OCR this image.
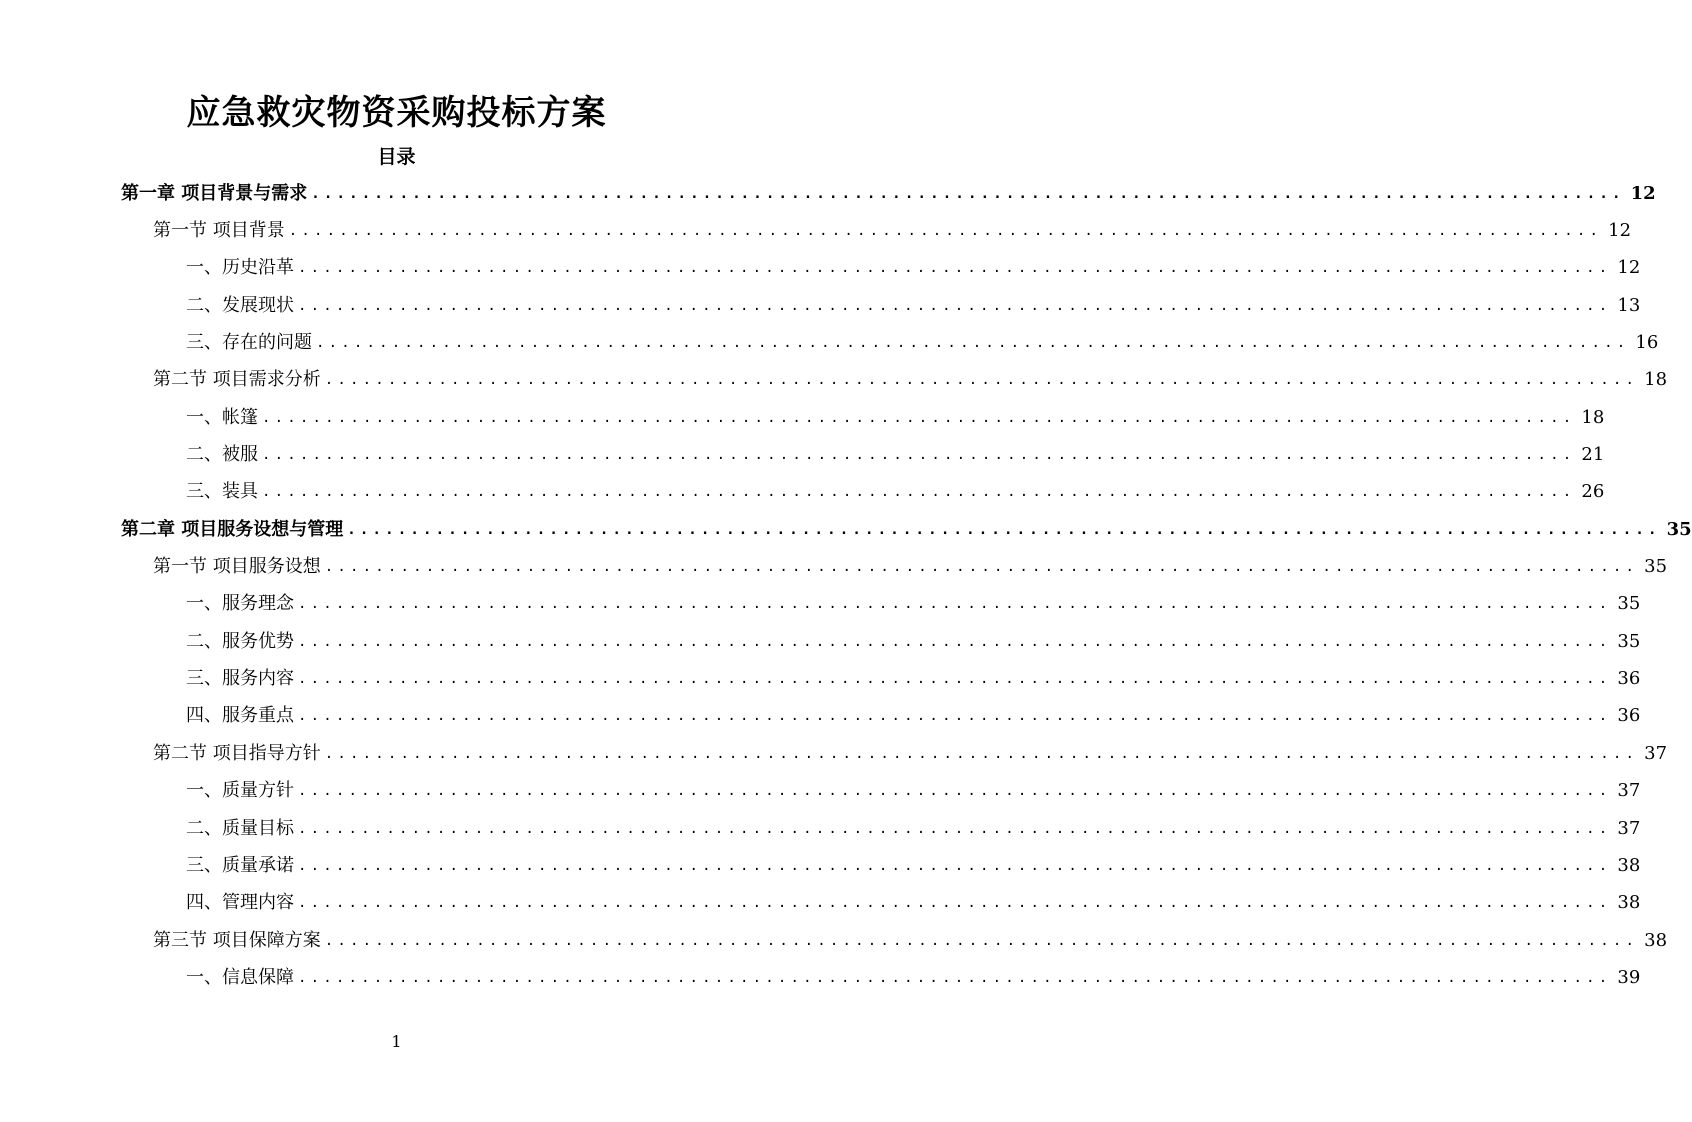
应急救灾物资采购投标方案
目录
第一章 项目背景与需求 ........................................................................................................ 12
第一节 项目背景 ........................................................................................................ 12
一、历史沿革 ........................................................................................................ 12
二、发展现状 ........................................................................................................ 13
三、存在的问题 ........................................................................................................ 16
第二节 项目需求分析 ........................................................................................................ 18
一、帐篷 ........................................................................................................ 18
二、被服 ........................................................................................................ 21
三、装具 ........................................................................................................ 26
第二章 项目服务设想与管理 ........................................................................................................ 35
第一节 项目服务设想 ........................................................................................................ 35
一、服务理念 ........................................................................................................ 35
二、服务优势 ........................................................................................................ 35
三、服务内容 ........................................................................................................ 36
四、服务重点 ........................................................................................................ 36
第二节 项目指导方针 ........................................................................................................ 37
一、质量方针 ........................................................................................................ 37
二、质量目标 ........................................................................................................ 37
三、质量承诺 ........................................................................................................ 38
四、管理内容 ........................................................................................................ 38
第三节 项目保障方案 ........................................................................................................ 38
一、信息保障 ........................................................................................................ 39
1
